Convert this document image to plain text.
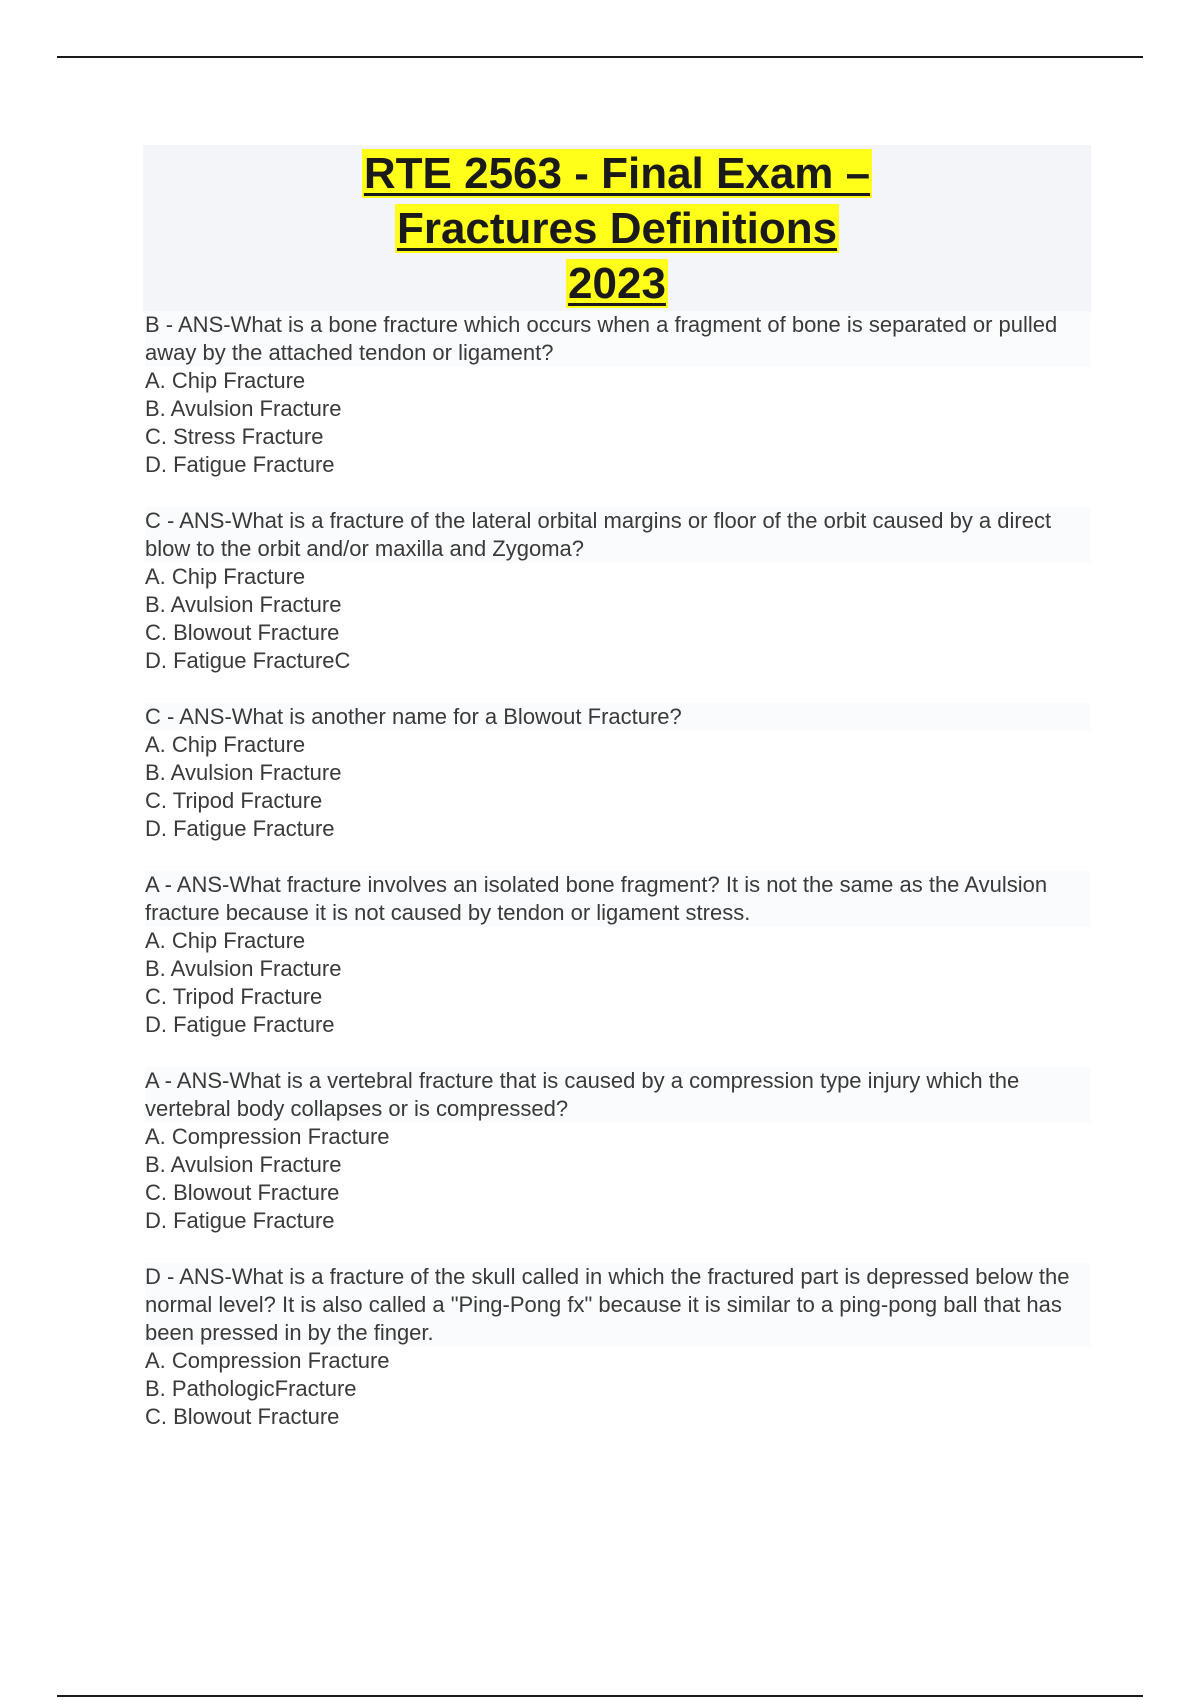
RTE 2563 - Final Exam –
Fractures Definitions
2023

B - ANS-What is a bone fracture which occurs when a fragment of bone is separated or pulled away by the attached tendon or ligament?

A. Chip Fracture
B. Avulsion Fracture
C. Stress Fracture
D. Fatigue Fracture

C - ANS-What is a fracture of the lateral orbital margins or floor of the orbit caused by a direct blow to the orbit and/or maxilla and Zygoma?

A. Chip Fracture
B. Avulsion Fracture
C. Blowout Fracture
D. Fatigue FractureC

C - ANS-What is another name for a Blowout Fracture?

A. Chip Fracture
B. Avulsion Fracture
C. Tripod Fracture
D. Fatigue Fracture

A - ANS-What fracture involves an isolated bone fragment? It is not the same as the Avulsion fracture because it is not caused by tendon or ligament stress.

A. Chip Fracture
B. Avulsion Fracture
C. Tripod Fracture
D. Fatigue Fracture

A - ANS-What is a vertebral fracture that is caused by a compression type injury which the vertebral body collapses or is compressed?

A. Compression Fracture
B. Avulsion Fracture
C. Blowout Fracture
D. Fatigue Fracture

D - ANS-What is a fracture of the skull called in which the fractured part is depressed below the normal level? It is also called a "Ping-Pong fx" because it is similar to a ping-pong ball that has been pressed in by the finger.

A. Compression Fracture
B. PathologicFracture
C. Blowout Fracture
